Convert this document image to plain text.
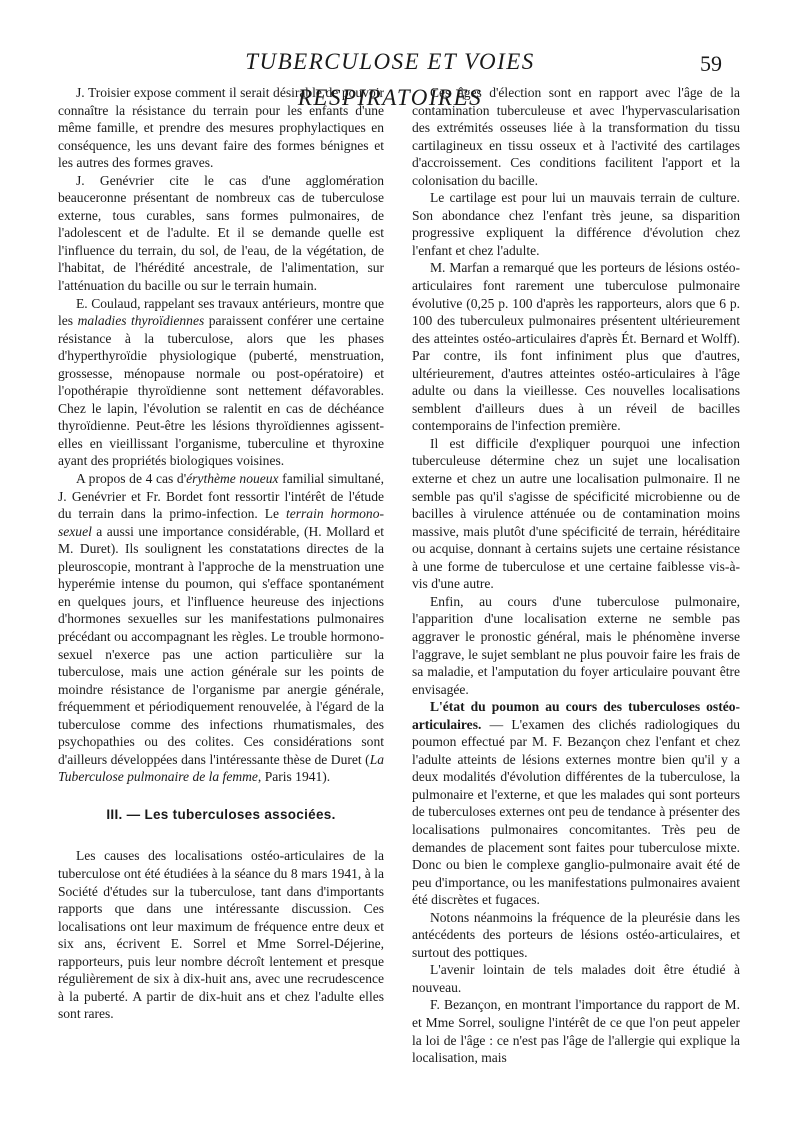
TUBERCULOSE ET VOIES RESPIRATOIRES
59

J. Troisier expose comment il serait désirable de pouvoir connaître la résistance du terrain pour les enfants d'une même famille, et prendre des mesures prophylactiques en conséquence, les uns devant faire des formes bénignes et les autres des formes graves.

J. Genévrier cite le cas d'une agglomération beauceronne présentant de nombreux cas de tuberculose externe, tous curables, sans formes pulmonaires, de l'adolescent et de l'adulte. Et il se demande quelle est l'influence du terrain, du sol, de l'eau, de la végétation, de l'habitat, de l'hérédité ancestrale, de l'alimentation, sur l'atténuation du bacille ou sur le terrain humain.

E. Coulaud, rappelant ses travaux antérieurs, montre que les maladies thyroïdiennes paraissent conférer une certaine résistance à la tuberculose, alors que les phases d'hyperthyroïdie physiologique (puberté, menstruation, grossesse, ménopause normale ou post-opératoire) et l'opothérapie thyroïdienne sont nettement défavorables. Chez le lapin, l'évolution se ralentit en cas de déchéance thyroïdienne. Peut-être les lésions thyroïdiennes agissent-elles en vieillissant l'organisme, tuberculine et thyroxine ayant des propriétés biologiques voisines.

A propos de 4 cas d'érythème noueux familial simultané, J. Genévrier et Fr. Bordet font ressortir l'intérêt de l'étude du terrain dans la primo-infection. Le terrain hormono-sexuel a aussi une importance considérable, (H. Mollard et M. Duret). Ils soulignent les constatations directes de la pleuroscopie, montrant à l'approche de la menstruation une hyperémie intense du poumon, qui s'efface spontanément en quelques jours, et l'influence heureuse des injections d'hormones sexuelles sur les manifestations pulmonaires précédant ou accompagnant les règles. Le trouble hormono-sexuel n'exerce pas une action particulière sur la tuberculose, mais une action générale sur les points de moindre résistance de l'organisme par anergie générale, fréquemment et périodiquement renouvelée, à l'égard de la tuberculose comme des infections rhumatismales, des psychopathies ou des colites. Ces considérations sont d'ailleurs développées dans l'intéressante thèse de Duret (La Tuberculose pulmonaire de la femme, Paris 1941).

III. — Les tuberculoses associées.

Les causes des localisations ostéo-articulaires de la tuberculose ont été étudiées à la séance du 8 mars 1941, à la Société d'études sur la tuberculose, tant dans d'importants rapports que dans une intéressante discussion. Ces localisations ont leur maximum de fréquence entre deux et six ans, écrivent E. Sorrel et Mme Sorrel-Déjerine, rapporteurs, puis leur nombre décroît lentement et presque régulièrement de six à dix-huit ans, avec une recrudescence à la puberté. A partir de dix-huit ans et chez l'adulte elles sont rares.

Ces âges d'élection sont en rapport avec l'âge de la contamination tuberculeuse et avec l'hypervascularisation des extrémités osseuses liée à la transformation du tissu cartilagineux en tissu osseux et à l'activité des cartilages d'accroissement. Ces conditions facilitent l'apport et la colonisation du bacille.

Le cartilage est pour lui un mauvais terrain de culture. Son abondance chez l'enfant très jeune, sa disparition progressive expliquent la différence d'évolution chez l'enfant et chez l'adulte.

M. Marfan a remarqué que les porteurs de lésions ostéo-articulaires font rarement une tuberculose pulmonaire évolutive (0,25 p. 100 d'après les rapporteurs, alors que 6 p. 100 des tuberculeux pulmonaires présentent ultérieurement des atteintes ostéo-articulaires d'après Ét. Bernard et Wolff). Par contre, ils font infiniment plus que d'autres, ultérieurement, d'autres atteintes ostéo-articulaires à l'âge adulte ou dans la vieillesse. Ces nouvelles localisations semblent d'ailleurs dues à un réveil de bacilles contemporains de l'infection première.

Il est difficile d'expliquer pourquoi une infection tuberculeuse détermine chez un sujet une localisation externe et chez un autre une localisation pulmonaire. Il ne semble pas qu'il s'agisse de spécificité microbienne ou de bacilles à virulence atténuée ou de contamination moins massive, mais plutôt d'une spécificité de terrain, héréditaire ou acquise, donnant à certains sujets une certaine résistance à une forme de tuberculose et une certaine faiblesse vis-à-vis d'une autre.

Enfin, au cours d'une tuberculose pulmonaire, l'apparition d'une localisation externe ne semble pas aggraver le pronostic général, mais le phénomène inverse l'aggrave, le sujet semblant ne plus pouvoir faire les frais de sa maladie, et l'amputation du foyer articulaire pouvant être envisagée.

L'état du poumon au cours des tuberculoses ostéo-articulaires. — L'examen des clichés radiologiques du poumon effectué par M. F. Bezançon chez l'enfant et chez l'adulte atteints de lésions externes montre bien qu'il y a deux modalités d'évolution différentes de la tuberculose, la pulmonaire et l'externe, et que les malades qui sont porteurs de tuberculoses externes ont peu de tendance à présenter des localisations pulmonaires concomitantes. Très peu de demandes de placement sont faites pour tuberculose mixte. Donc ou bien le complexe ganglio-pulmonaire avait été de peu d'importance, ou les manifestations pulmonaires avaient été discrètes et fugaces.

Notons néanmoins la fréquence de la pleurésie dans les antécédents des porteurs de lésions ostéo-articulaires, et surtout des pottiques.

L'avenir lointain de tels malades doit être étudié à nouveau.

F. Bezançon, en montrant l'importance du rapport de M. et Mme Sorrel, souligne l'intérêt de ce que l'on peut appeler la loi de l'âge : ce n'est pas l'âge de l'allergie qui explique la localisation, mais
